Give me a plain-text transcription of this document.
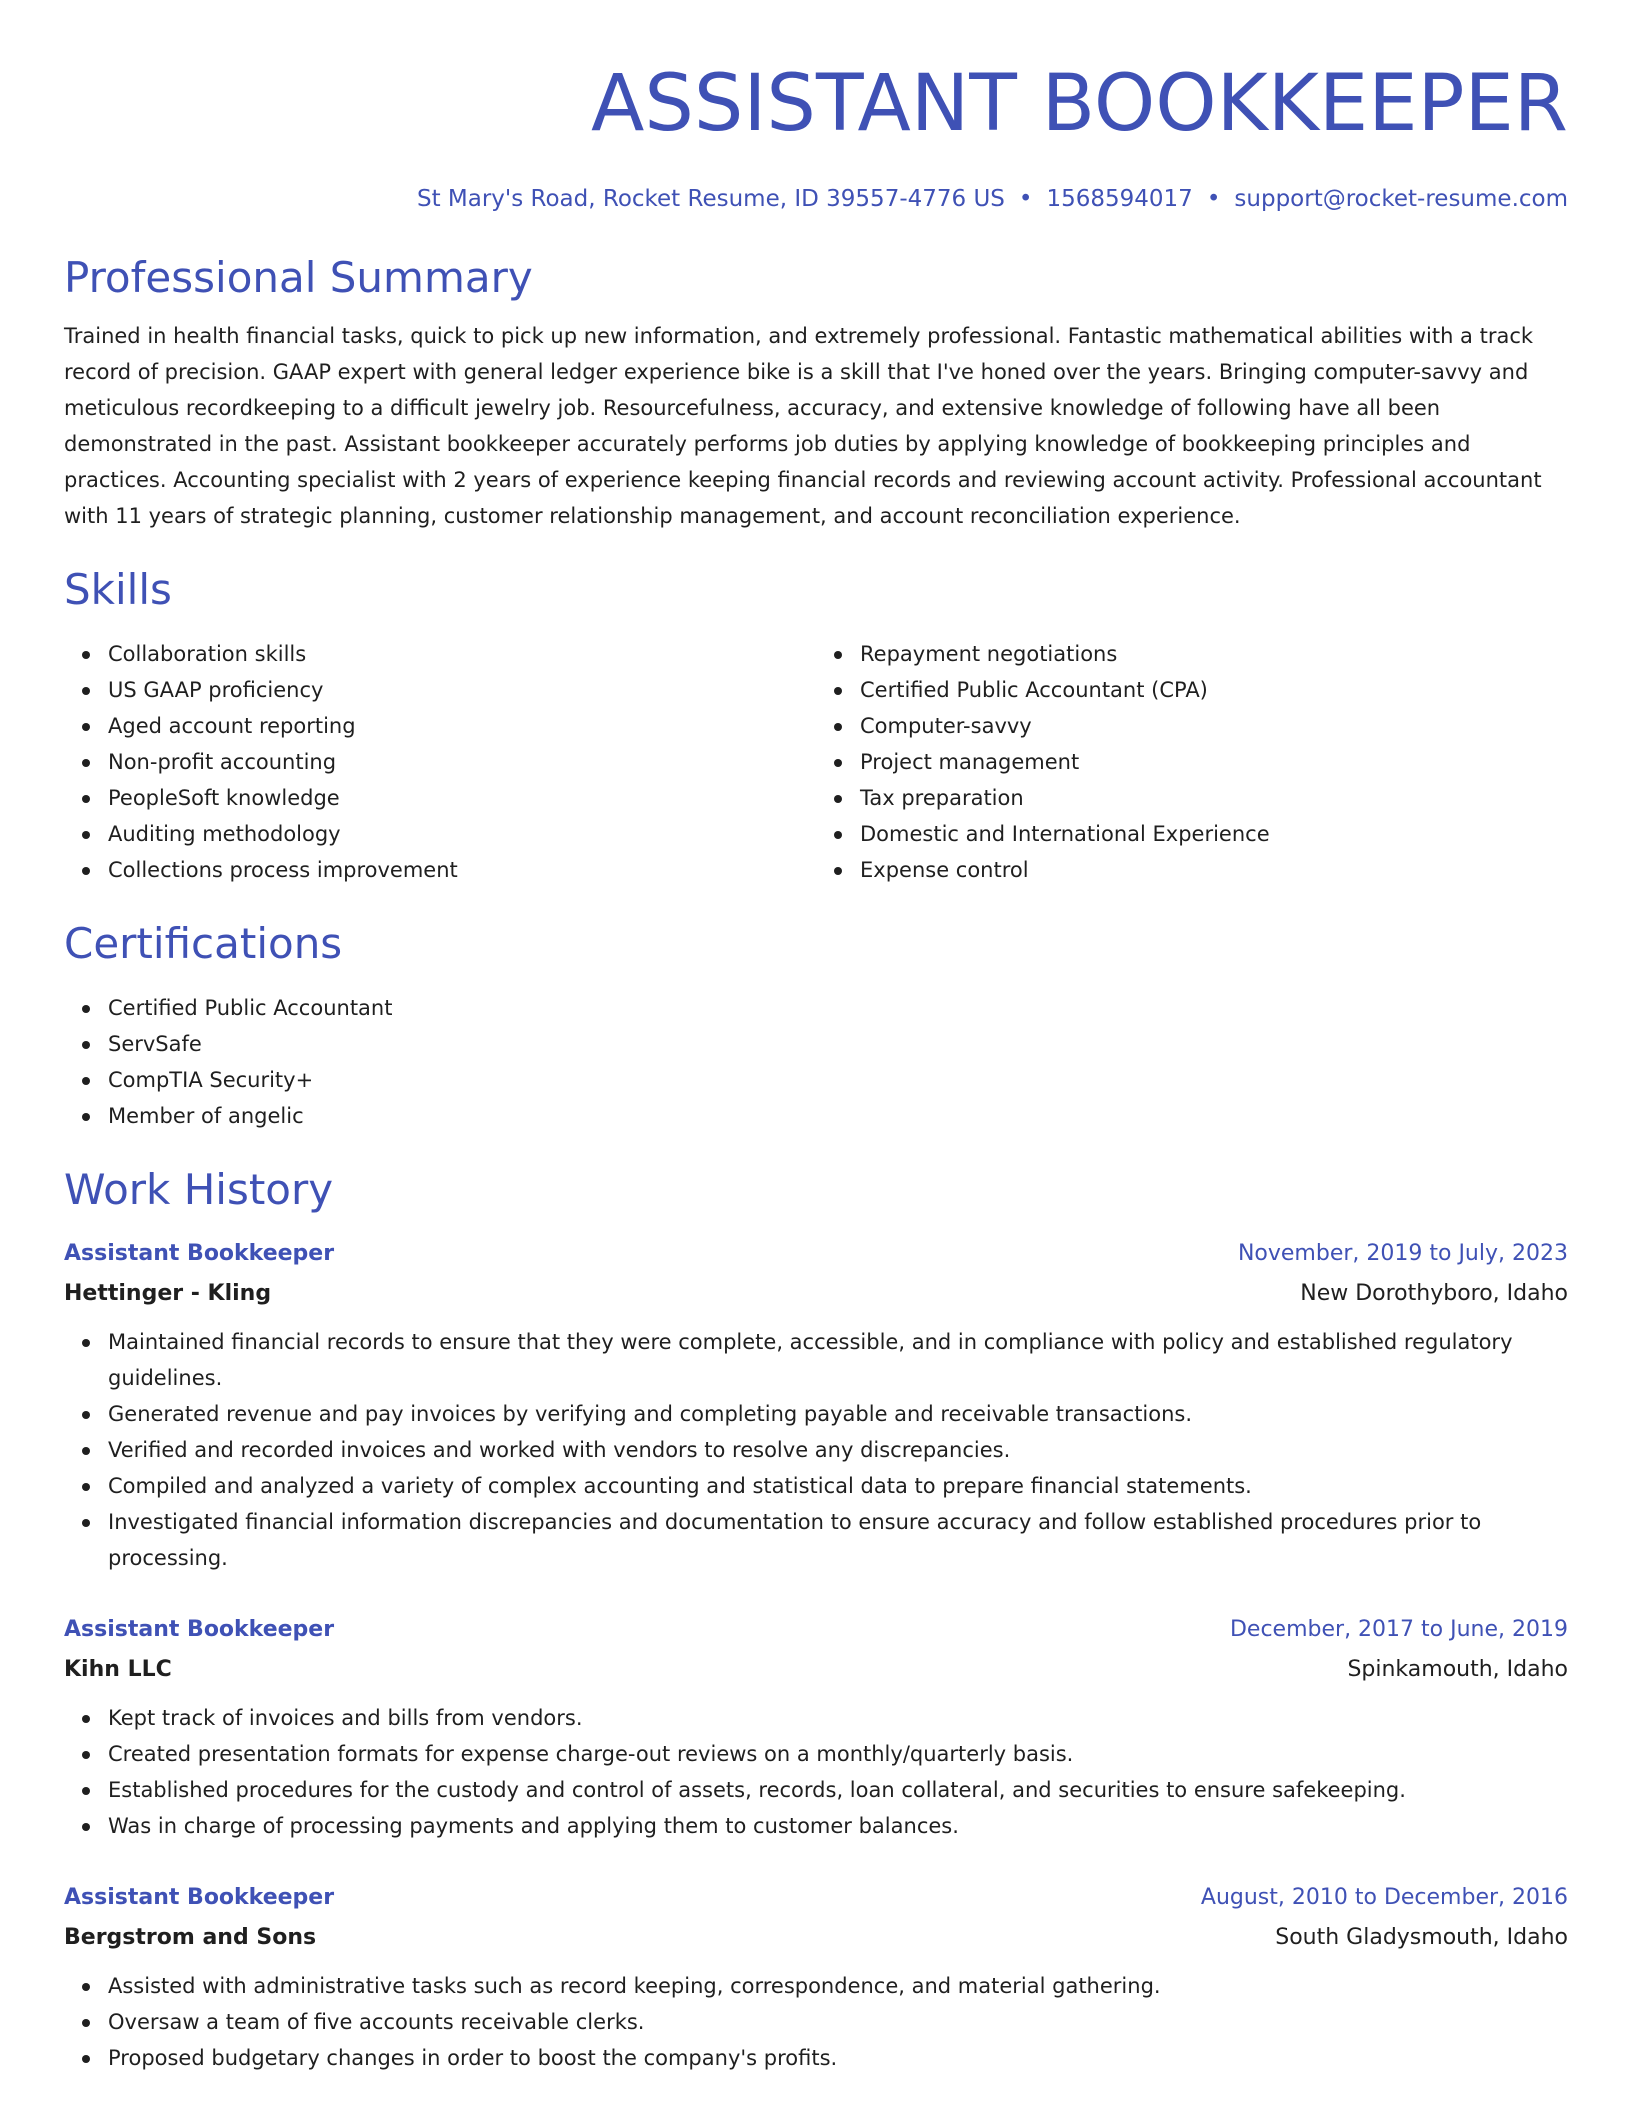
ASSISTANT BOOKKEEPER
St Mary's Road, Rocket Resume, ID 39557-4776 US • 1568594017 • support@rocket-resume.com
Professional Summary
Trained in health financial tasks, quick to pick up new information, and extremely professional. Fantastic mathematical abilities with a track record of precision. GAAP expert with general ledger experience bike is a skill that I've honed over the years. Bringing computer-savvy and meticulous recordkeeping to a difficult jewelry job. Resourcefulness, accuracy, and extensive knowledge of following have all been demonstrated in the past. Assistant bookkeeper accurately performs job duties by applying knowledge of bookkeeping principles and practices. Accounting specialist with 2 years of experience keeping financial records and reviewing account activity. Professional accountant with 11 years of strategic planning, customer relationship management, and account reconciliation experience.
Skills
Collaboration skills
US GAAP proficiency
Aged account reporting
Non-profit accounting
PeopleSoft knowledge
Auditing methodology
Collections process improvement
Repayment negotiations
Certified Public Accountant (CPA)
Computer-savvy
Project management
Tax preparation
Domestic and International Experience
Expense control
Certifications
Certified Public Accountant
ServSafe
CompTIA Security+
Member of angelic
Work History
Assistant Bookkeeper	November, 2019 to July, 2023
Hettinger - Kling	New Dorothyboro, Idaho
Maintained financial records to ensure that they were complete, accessible, and in compliance with policy and established regulatory guidelines.
Generated revenue and pay invoices by verifying and completing payable and receivable transactions.
Verified and recorded invoices and worked with vendors to resolve any discrepancies.
Compiled and analyzed a variety of complex accounting and statistical data to prepare financial statements.
Investigated financial information discrepancies and documentation to ensure accuracy and follow established procedures prior to processing.
Assistant Bookkeeper	December, 2017 to June, 2019
Kihn LLC	Spinkamouth, Idaho
Kept track of invoices and bills from vendors.
Created presentation formats for expense charge-out reviews on a monthly/quarterly basis.
Established procedures for the custody and control of assets, records, loan collateral, and securities to ensure safekeeping.
Was in charge of processing payments and applying them to customer balances.
Assistant Bookkeeper	August, 2010 to December, 2016
Bergstrom and Sons	South Gladysmouth, Idaho
Assisted with administrative tasks such as record keeping, correspondence, and material gathering.
Oversaw a team of five accounts receivable clerks.
Proposed budgetary changes in order to boost the company's profits.
